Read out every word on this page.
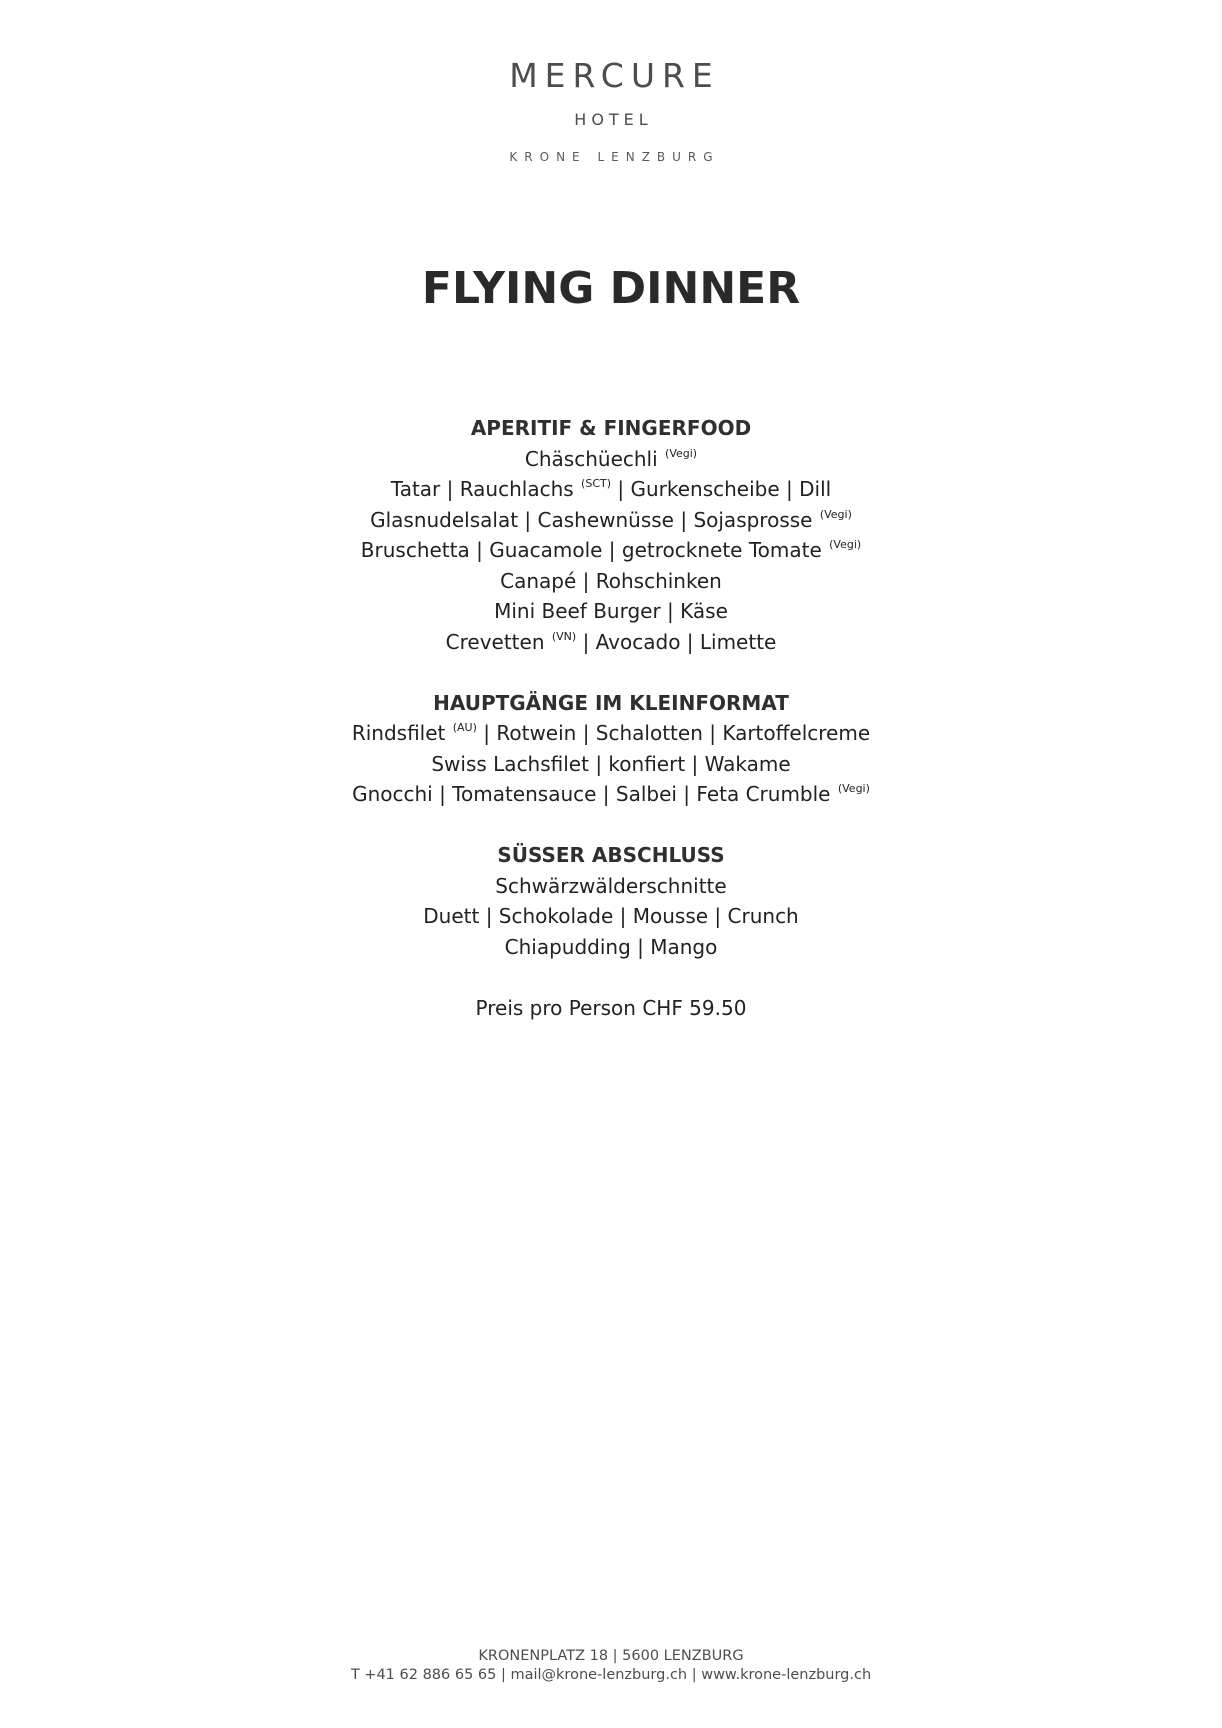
MERCURE
HOTEL
KRONE LENZBURG
FLYING DINNER
APERITIF & FINGERFOOD
Chäschüechli $^{(Vegi)}$
Tatar | Rauchlachs $^{(SCT)}$ | Gurkenscheibe | Dill
Glasnudelsalat | Cashewnüsse | Sojasprosse $^{(Vegi)}$
Bruschetta | Guacamole | getrocknete Tomate $^{(Vegi)}$
Canapé | Rohschinken
Mini Beef Burger | Käse
Crevetten $^{(VN)}$ | Avocado | Limette
HAUPTGÄNGE IM KLEINFORMAT
Rindsfilet $^{(AU)}$ | Rotwein | Schalotten | Kartoffelcreme
Swiss Lachsfilet | konfiert | Wakame
Gnocchi | Tomatensauce | Salbei | Feta Crumble $^{(Vegi)}$
SÜSSER ABSCHLUSS
Schwärzwälderschnitte
Duett | Schokolade | Mousse | Crunch
Chiapudding | Mango
Preis pro Person CHF 59.50
KRONENPLATZ 18 | 5600 LENZBURG
T +41 62 886 65 65 | mail@krone-lenzburg.ch | www.krone-lenzburg.ch
